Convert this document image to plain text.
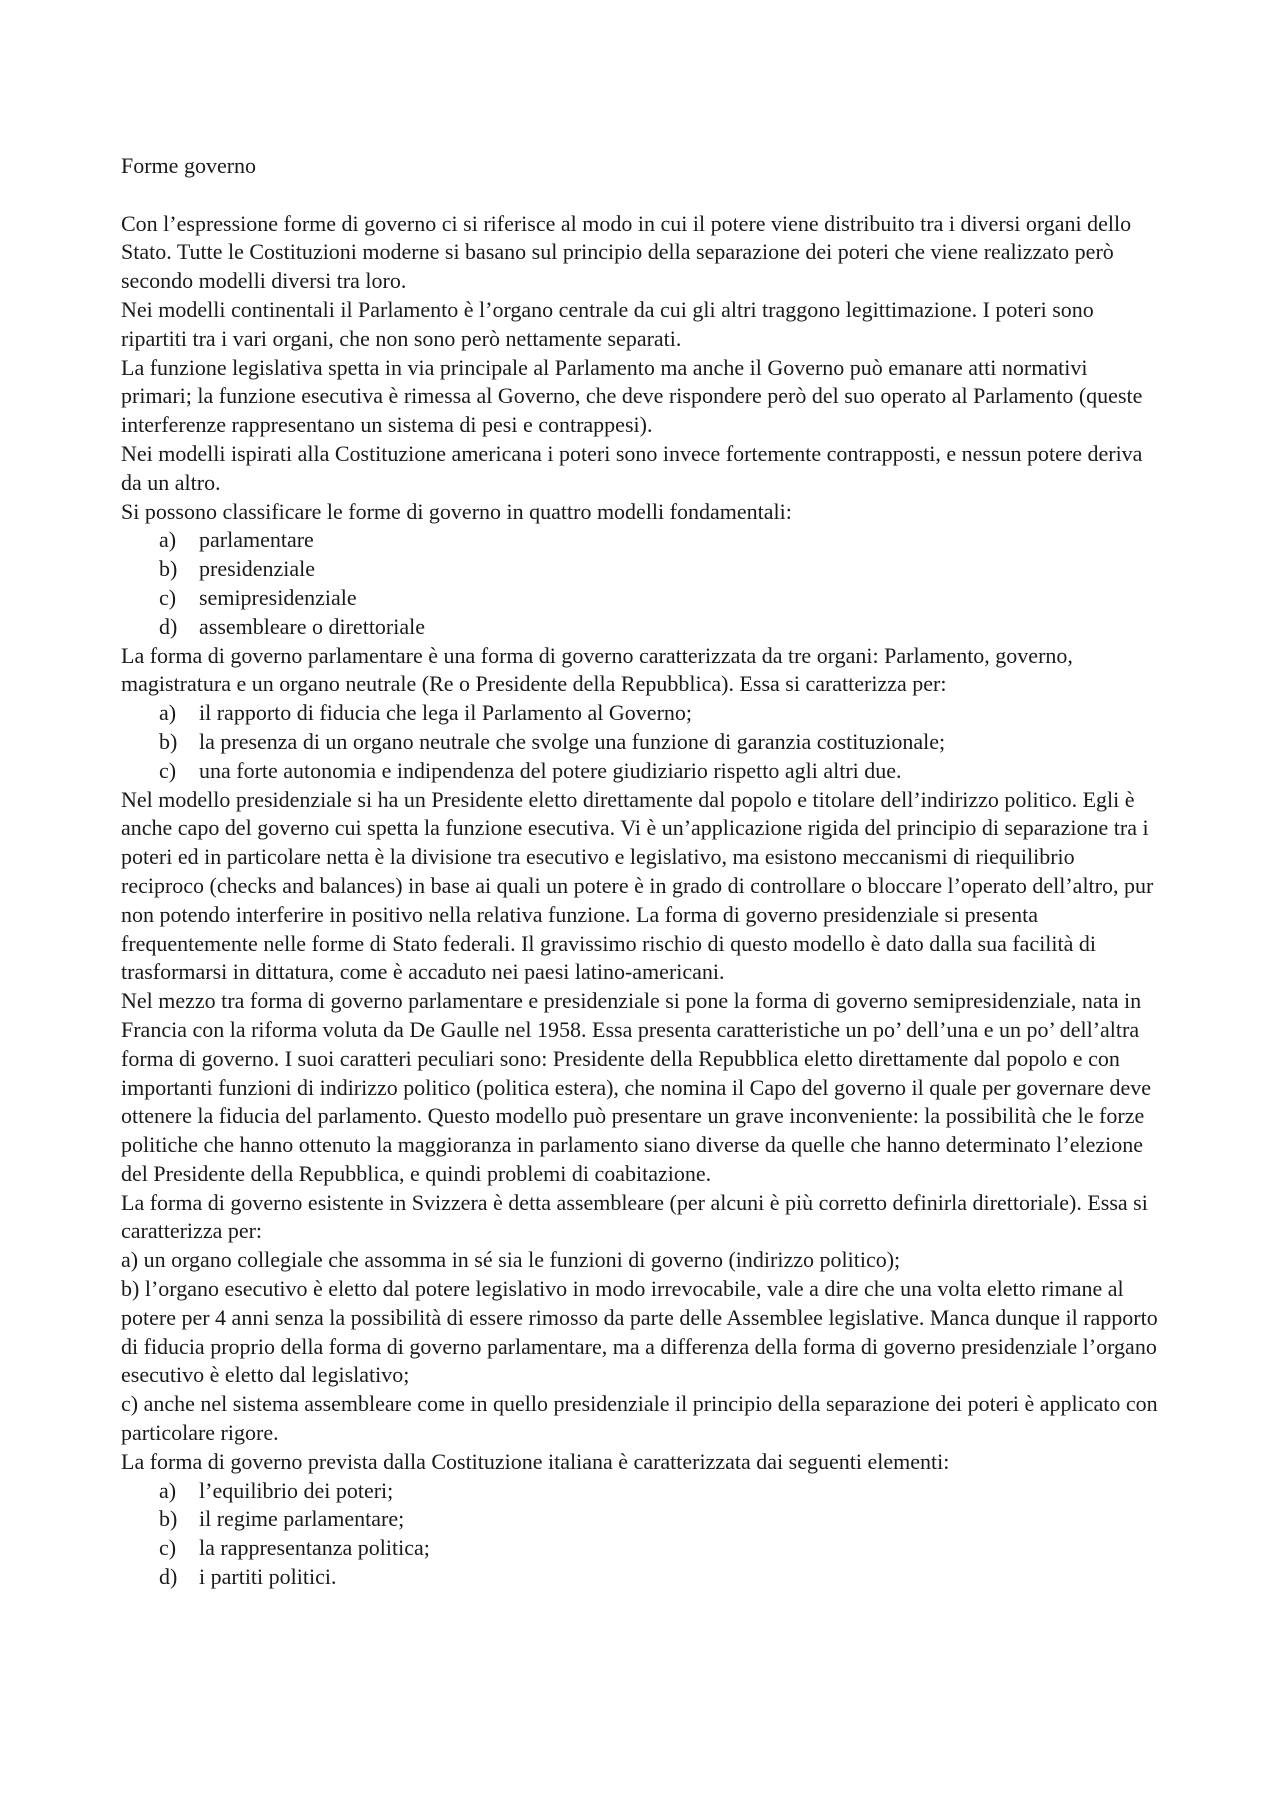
Forme governo

Con l’espressione forme di governo ci si riferisce al modo in cui il potere viene distribuito tra i diversi organi dello Stato. Tutte le Costituzioni moderne si basano sul principio della separazione dei poteri che viene realizzato però secondo modelli diversi tra loro.

Nei modelli continentali il Parlamento è l’organo centrale da cui gli altri traggono legittimazione. I poteri sono ripartiti tra i vari organi, che non sono però nettamente separati.

La funzione legislativa spetta in via principale al Parlamento ma anche il Governo può emanare atti normativi primari; la funzione esecutiva è rimessa al Governo, che deve rispondere però del suo operato al Parlamento (queste interferenze rappresentano un sistema di pesi e contrappesi).

Nei modelli ispirati alla Costituzione americana i poteri sono invece fortemente contrapposti, e nessun potere deriva da un altro.

Si possono classificare le forme di governo in quattro modelli fondamentali:

a) parlamentare
b) presidenziale
c) semipresidenziale
d) assembleare o direttoriale

La forma di governo parlamentare è una forma di governo caratterizzata da tre organi: Parlamento, governo, magistratura e un organo neutrale (Re o Presidente della Repubblica). Essa si caratterizza per:

a) il rapporto di fiducia che lega il Parlamento al Governo;
b) la presenza di un organo neutrale che svolge una funzione di garanzia costituzionale;
c) una forte autonomia e indipendenza del potere giudiziario rispetto agli altri due.

Nel modello presidenziale si ha un Presidente eletto direttamente dal popolo e titolare dell’indirizzo politico. Egli è anche capo del governo cui spetta la funzione esecutiva. Vi è un’applicazione rigida del principio di separazione tra i poteri ed in particolare netta è la divisione tra esecutivo e legislativo, ma esistono meccanismi di riequilibrio reciproco (checks and balances) in base ai quali un potere è in grado di controllare o bloccare l’operato dell’altro, pur non potendo interferire in positivo nella relativa funzione. La forma di governo presidenziale si presenta frequentemente nelle forme di Stato federali. Il gravissimo rischio di questo modello è dato dalla sua facilità di trasformarsi in dittatura, come è accaduto nei paesi latino-americani.

Nel mezzo tra forma di governo parlamentare e presidenziale si pone la forma di governo semipresidenziale, nata in Francia con la riforma voluta da De Gaulle nel 1958. Essa presenta caratteristiche un po’ dell’una e un po’ dell’altra forma di governo. I suoi caratteri peculiari sono: Presidente della Repubblica eletto direttamente dal popolo e con importanti funzioni di indirizzo politico (politica estera), che nomina il Capo del governo il quale per governare deve ottenere la fiducia del parlamento. Questo modello può presentare un grave inconveniente: la possibilità che le forze politiche che hanno ottenuto la maggioranza in parlamento siano diverse da quelle che hanno determinato l’elezione del Presidente della Repubblica, e quindi problemi di coabitazione.

La forma di governo esistente in Svizzera è detta assembleare (per alcuni è più corretto definirla direttoriale). Essa si caratterizza per:

a) un organo collegiale che assomma in sé sia le funzioni di governo (indirizzo politico);

b) l’organo esecutivo è eletto dal potere legislativo in modo irrevocabile, vale a dire che una volta eletto rimane al potere per 4 anni senza la possibilità di essere rimosso da parte delle Assemblee legislative. Manca dunque il rapporto di fiducia proprio della forma di governo parlamentare, ma a differenza della forma di governo presidenziale l’organo esecutivo è eletto dal legislativo;

c) anche nel sistema assembleare come in quello presidenziale il principio della separazione dei poteri è applicato con particolare rigore.

La forma di governo prevista dalla Costituzione italiana è caratterizzata dai seguenti elementi:

a) l’equilibrio dei poteri;
b) il regime parlamentare;
c) la rappresentanza politica;
d) i partiti politici.
